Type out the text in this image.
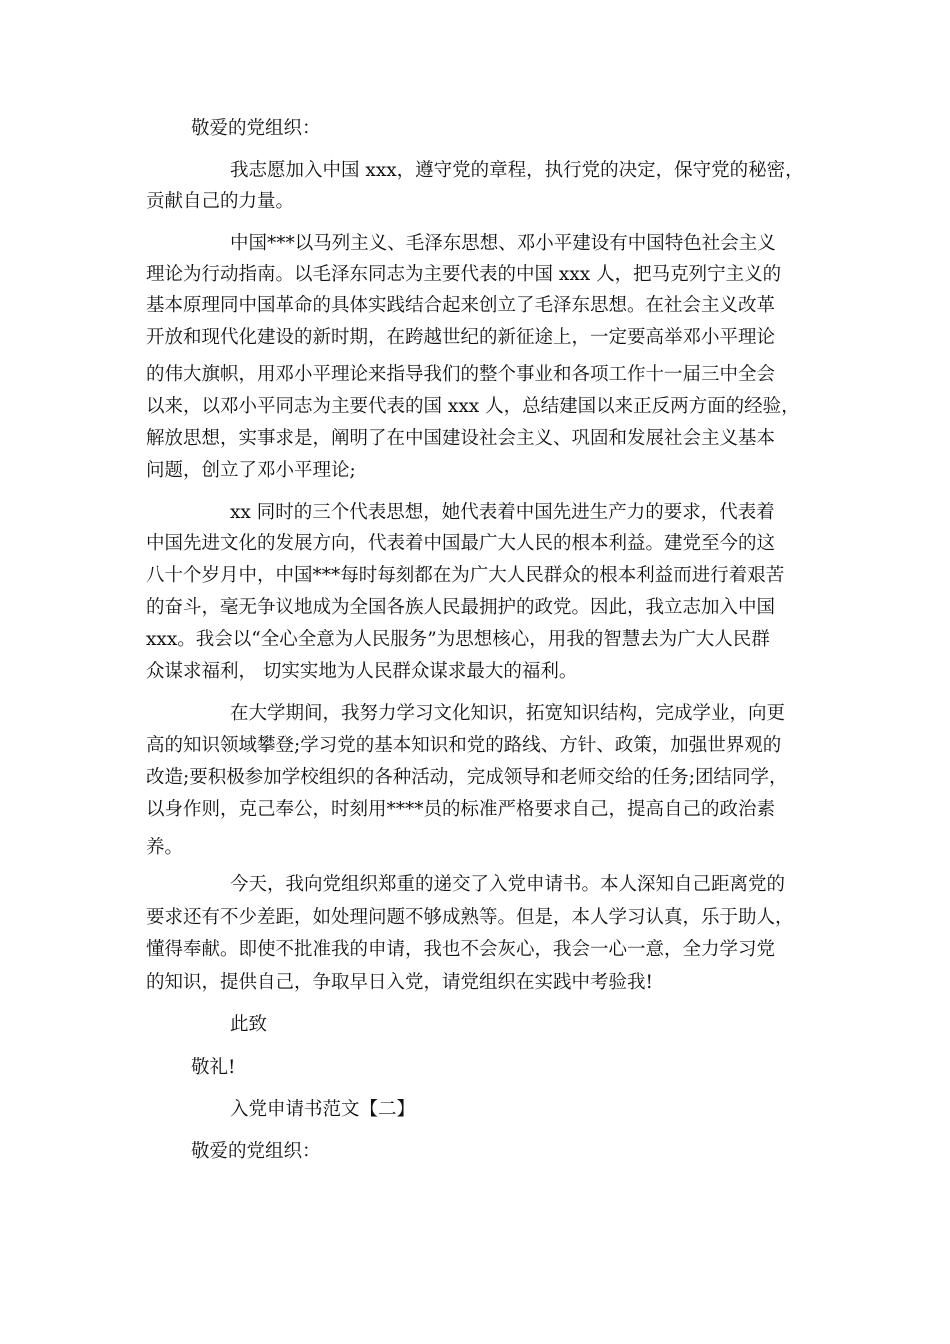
敬爱的党组织：
我志愿加入中国 xxx，遵守党的章程，执行党的决定，保守党的秘密，
贡献自己的力量。
中国***以马列主义、毛泽东思想、邓小平建设有中国特色社会主义
理论为行动指南。以毛泽东同志为主要代表的中国 xxx 人，把马克列宁主义的
基本原理同中国革命的具体实践结合起来创立了毛泽东思想。在社会主义改革
开放和现代化建设的新时期，在跨越世纪的新征途上，一定要高举邓小平理论
的伟大旗帜，用邓小平理论来指导我们的整个事业和各项工作十一届三中全会
以来，以邓小平同志为主要代表的国 xxx 人，总结建国以来正反两方面的经验，
解放思想，实事求是，阐明了在中国建设社会主义、巩固和发展社会主义基本
问题，创立了邓小平理论;
xx 同时的三个代表思想，她代表着中国先进生产力的要求，代表着
中国先进文化的发展方向，代表着中国最广大人民的根本利益。建党至今的这
八十个岁月中，中国***每时每刻都在为广大人民群众的根本利益而进行着艰苦
的奋斗，毫无争议地成为全国各族人民最拥护的政党。因此，我立志加入中国
xxx。我会以“全心全意为人民服务”为思想核心，用我的智慧去为广大人民群
众谋求福利， 切实实地为人民群众谋求最大的福利。
在大学期间，我努力学习文化知识，拓宽知识结构，完成学业，向更
高的知识领域攀登;学习党的基本知识和党的路线、方针、政策，加强世界观的
改造;要积极参加学校组织的各种活动，完成领导和老师交给的任务;团结同学，
以身作则，克己奉公，时刻用****员的标准严格要求自己，提高自己的政治素
养。
今天，我向党组织郑重的递交了入党申请书。本人深知自己距离党的
要求还有不少差距，如处理问题不够成熟等。但是，本人学习认真，乐于助人，
懂得奉献。即使不批准我的申请，我也不会灰心，我会一心一意，全力学习党
的知识，提供自己，争取早日入党，请党组织在实践中考验我!
此致
敬礼!
入党申请书范文【二】
敬爱的党组织：
